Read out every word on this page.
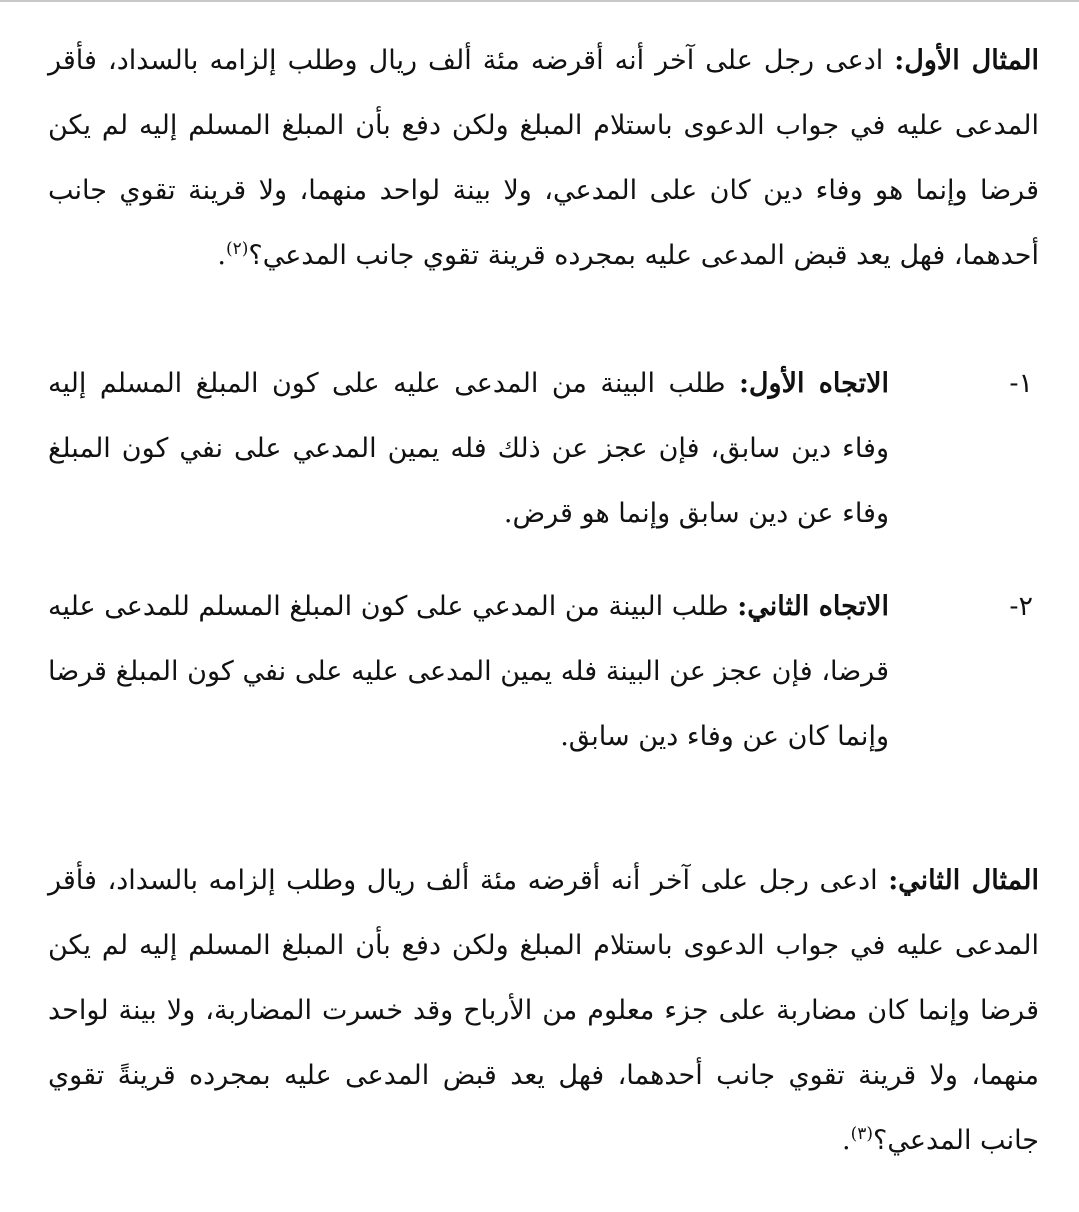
المثال الأول: ادعى رجل على آخر أنه أقرضه مئة ألف ريال وطلب إلزامه بالسداد، فأقر المدعى عليه في جواب الدعوى باستلام المبلغ ولكن دفع بأن المبلغ المسلم إليه لم يكن قرضا وإنما هو وفاء دين كان على المدعي، ولا بينة لواحد منهما، ولا قرينة تقوي جانب أحدهما، فهل يعد قبض المدعى عليه بمجرده قرينة تقوي جانب المدعي؟$^{(٢)}$.

١-
الاتجاه الأول: طلب البينة من المدعى عليه على كون المبلغ المسلم إليه وفاء دين سابق، فإن عجز عن ذلك فله يمين المدعي على نفي كون المبلغ وفاء عن دين سابق وإنما هو قرض.
٢-
الاتجاه الثاني: طلب البينة من المدعي على كون المبلغ المسلم للمدعى عليه قرضا، فإن عجز عن البينة فله يمين المدعى عليه على نفي كون المبلغ قرضا وإنما كان عن وفاء دين سابق.

المثال الثاني: ادعى رجل على آخر أنه أقرضه مئة ألف ريال وطلب إلزامه بالسداد، فأقر المدعى عليه في جواب الدعوى باستلام المبلغ ولكن دفع بأن المبلغ المسلم إليه لم يكن قرضا وإنما كان مضاربة على جزء معلوم من الأرباح وقد خسرت المضاربة، ولا بينة لواحد منهما، ولا قرينة تقوي جانب أحدهما، فهل يعد قبض المدعى عليه بمجرده قرينةً تقوي جانب المدعي؟$^{(٣)}$.
